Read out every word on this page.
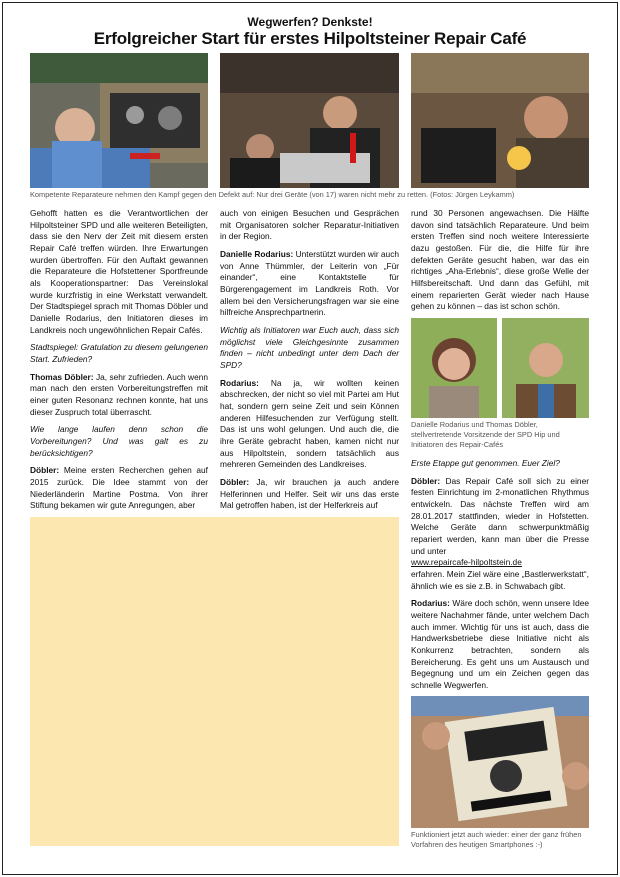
Wegwerfen? Denkste!
Erfolgreicher Start für erstes Hilpoltsteiner Repair Café
Kompetente Reparateure nehmen den Kampf gegen den Defekt auf: Nur drei Geräte (von 17) waren nicht mehr zu retten. (Fotos: Jürgen Leykamm)

Gehofft hatten es die Verantwortlichen der Hilpoltsteiner SPD und alle weiteren Beteiligten, dass sie den Nerv der Zeit mit diesem ersten Repair Café treffen würden. Ihre Erwartungen wurden übertroffen. Für den Auftakt gewannen die Reparateure die Hofstettener Sportfreunde als Kooperationspartner: Das Vereinslokal wurde kurzfristig in eine Werkstatt verwandelt. Der Stadtspiegel sprach mit Thomas Döbler und Danielle Rodarius, den Initiatoren dieses im Landkreis noch ungewöhnlichen Repair Cafés.

Stadtspiegel: Gratulation zu diesem gelungenen Start. Zufrieden?

Thomas Döbler: Ja, sehr zufrieden. Auch wenn man nach den ersten Vorbereitungstreffen mit einer guten Resonanz rechnen konnte, hat uns dieser Zuspruch total überrascht.

Wie lange laufen denn schon die Vorbereitungen? Und was galt es zu berücksichtigen?

Döbler: Meine ersten Recherchen gehen auf 2015 zurück. Die Idee stammt von der Niederländerin Martine Postma. Von ihrer Stiftung bekamen wir gute Anregungen, aber

auch von einigen Besuchen und Gesprächen mit Organisatoren solcher Reparatur-Initiativen in der Region.

Danielle Rodarius: Unterstützt wurden wir auch von Anne Thümmler, der Leiterin von „Für einander“, eine Kontaktstelle für Bürgerengagement im Landkreis Roth. Vor allem bei den Versicherungsfragen war sie eine hilfreiche Ansprechpartnerin.

Wichtig als Initiatoren war Euch auch, dass sich möglichst viele Gleichgesinnte zusammen finden – nicht unbedingt unter dem Dach der SPD?

Rodarius: Na ja, wir wollten keinen abschrecken, der nicht so viel mit Partei am Hut hat, sondern gern seine Zeit und sein Können anderen Hilfesuchenden zur Verfügung stellt. Das ist uns wohl gelungen. Und auch die, die ihre Geräte gebracht haben, kamen nicht nur aus Hilpoltstein, sondern tatsächlich aus mehreren Gemeinden des Landkreises.

Döbler: Ja, wir brauchen ja auch andere Helferinnen und Helfer. Seit wir uns das erste Mal getroffen haben, ist der Helferkreis auf

rund 30 Personen angewachsen. Die Hälfte davon sind tatsächlich Reparateure. Und beim ersten Treffen sind noch weitere Interessierte dazu gestoßen. Für die, die Hilfe für ihre defekten Geräte gesucht haben, war das ein richtiges „Aha-Erlebnis“, diese große Welle der Hilfsbereitschaft. Und dann das Gefühl, mit einem reparierten Gerät wieder nach Hause gehen zu können – das ist schon schön.

Danielle Rodarius und Thomas Döbler, stellvertretende Vorsitzende der SPD Hip und Initiatoren des Repair-Cafés

Erste Etappe gut genommen. Euer Ziel?

Döbler: Das Repair Café soll sich zu einer festen Einrichtung im 2-monatlichen Rhythmus entwickeln. Das nächste Treffen wird am 28.01.2017 stattfinden, wieder in Hofstetten. Welche Geräte dann schwerpunktmäßig repariert werden, kann man über die Presse und unter
www.repaircafe-hilpoltstein.de
erfahren. Mein Ziel wäre eine „Bastlerwerkstatt“, ähnlich wie es sie z.B. in Schwabach gibt.

Rodarius: Wäre doch schön, wenn unsere Idee weitere Nachahmer fände, unter welchem Dach auch immer. Wichtig für uns ist auch, dass die Handwerksbetriebe diese Initiative nicht als Konkurrenz betrachten, sondern als Bereicherung. Es geht uns um Austausch und Begegnung und um ein Zeichen gegen das schnelle Wegwerfen.

Funktioniert jetzt auch wieder: einer der ganz frühen Vorfahren des heutigen Smartphones :-)
